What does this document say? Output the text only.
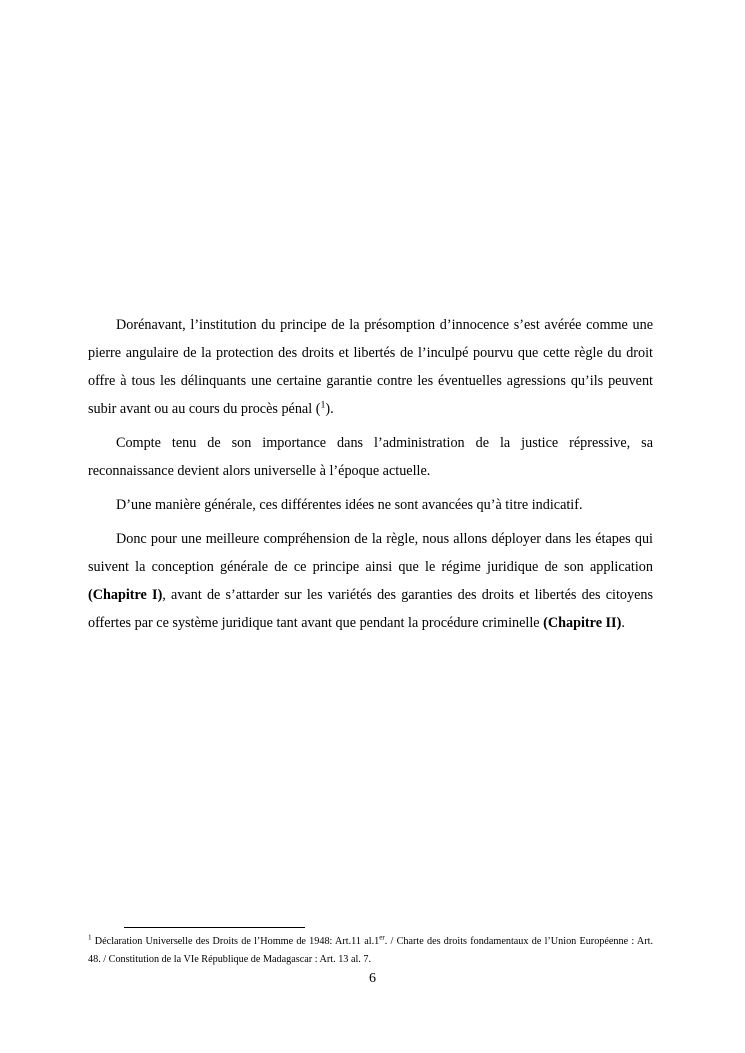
Dorénavant, l’institution du principe de la présomption d’innocence s’est avérée comme une pierre angulaire de la protection des droits et libertés de l’inculpé pourvu que cette règle du droit offre à tous les délinquants une certaine garantie contre les éventuelles agressions qu’ils peuvent subir avant ou au cours du procès pénal ($^1$).

Compte tenu de son importance dans l’administration de la justice répressive, sa reconnaissance devient alors universelle à l’époque actuelle.

D’une manière générale, ces différentes idées ne sont avancées qu’à titre indicatif.

Donc pour une meilleure compréhension de la règle, nous allons déployer dans les étapes qui suivent la conception générale de ce principe ainsi que le régime juridique de son application (Chapitre I), avant de s’attarder sur les variétés des garanties des droits et libertés des citoyens offertes par ce système juridique tant avant que pendant la procédure criminelle (Chapitre II).

$^1$ Déclaration Universelle des Droits de l’Homme de 1948: Art.11 al.1er. / Charte des droits fondamentaux de l’Union Européenne : Art. 48. / Constitution de la VIe République de Madagascar : Art. 13 al. 7.
6
